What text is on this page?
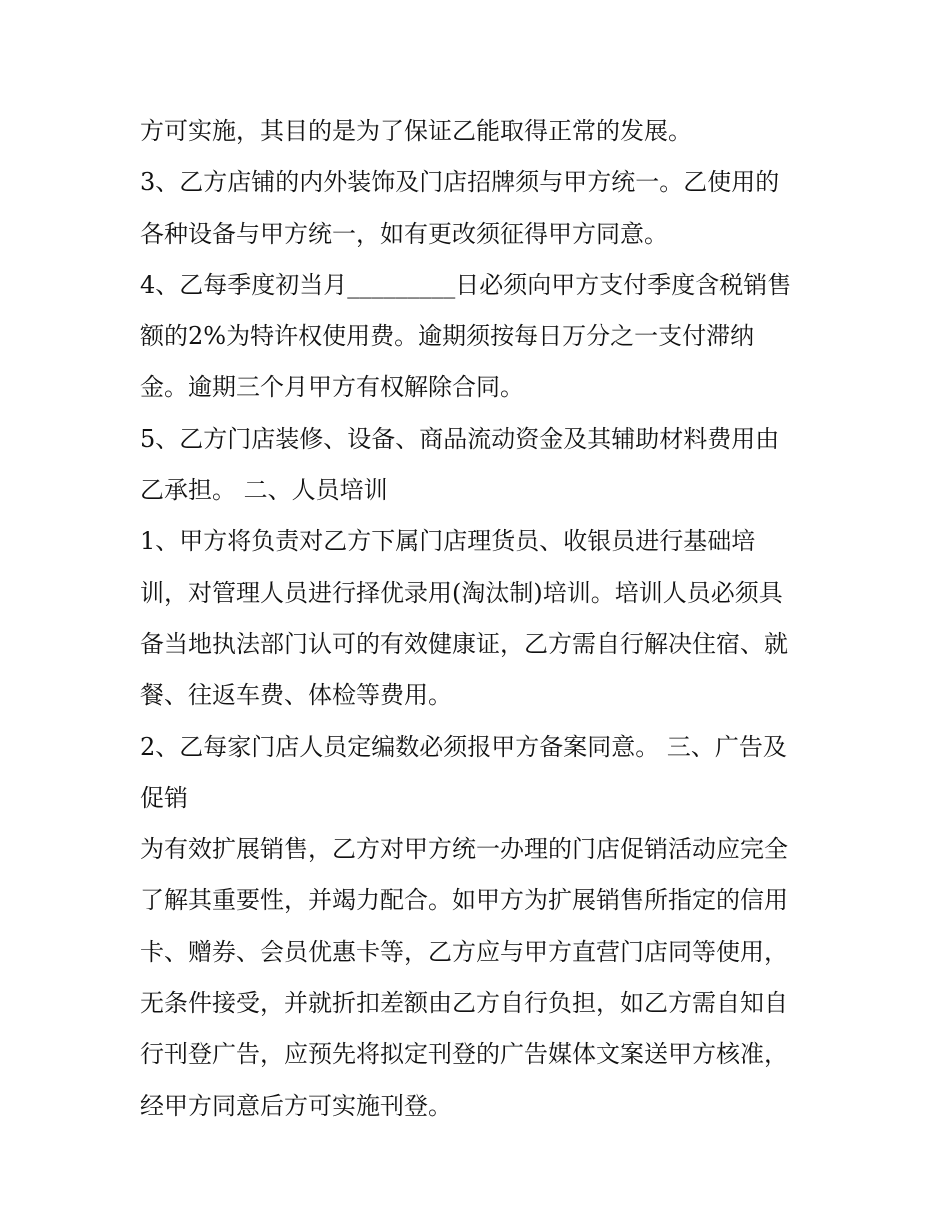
方可实施，其目的是为了保证乙能取得正常的发展。
3、乙方店铺的内外装饰及门店招牌须与甲方统一。乙使用的
各种设备与甲方统一，如有更改须征得甲方同意。
4、乙每季度初当月_________日必须向甲方支付季度含税销售
额的2%为特许权使用费。逾期须按每日万分之一支付滞纳
金。逾期三个月甲方有权解除合同。
5、乙方门店装修、设备、商品流动资金及其辅助材料费用由
乙承担。 二、人员培训
1、甲方将负责对乙方下属门店理货员、收银员进行基础培
训，对管理人员进行择优录用(淘汰制)培训。培训人员必须具
备当地执法部门认可的有效健康证，乙方需自行解决住宿、就
餐、往返车费、体检等费用。
2、乙每家门店人员定编数必须报甲方备案同意。 三、广告及
促销
为有效扩展销售，乙方对甲方统一办理的门店促销活动应完全
了解其重要性，并竭力配合。如甲方为扩展销售所指定的信用
卡、赠券、会员优惠卡等，乙方应与甲方直营门店同等使用，
无条件接受，并就折扣差额由乙方自行负担，如乙方需自知自
行刊登广告，应预先将拟定刊登的广告媒体文案送甲方核准，
经甲方同意后方可实施刊登。
